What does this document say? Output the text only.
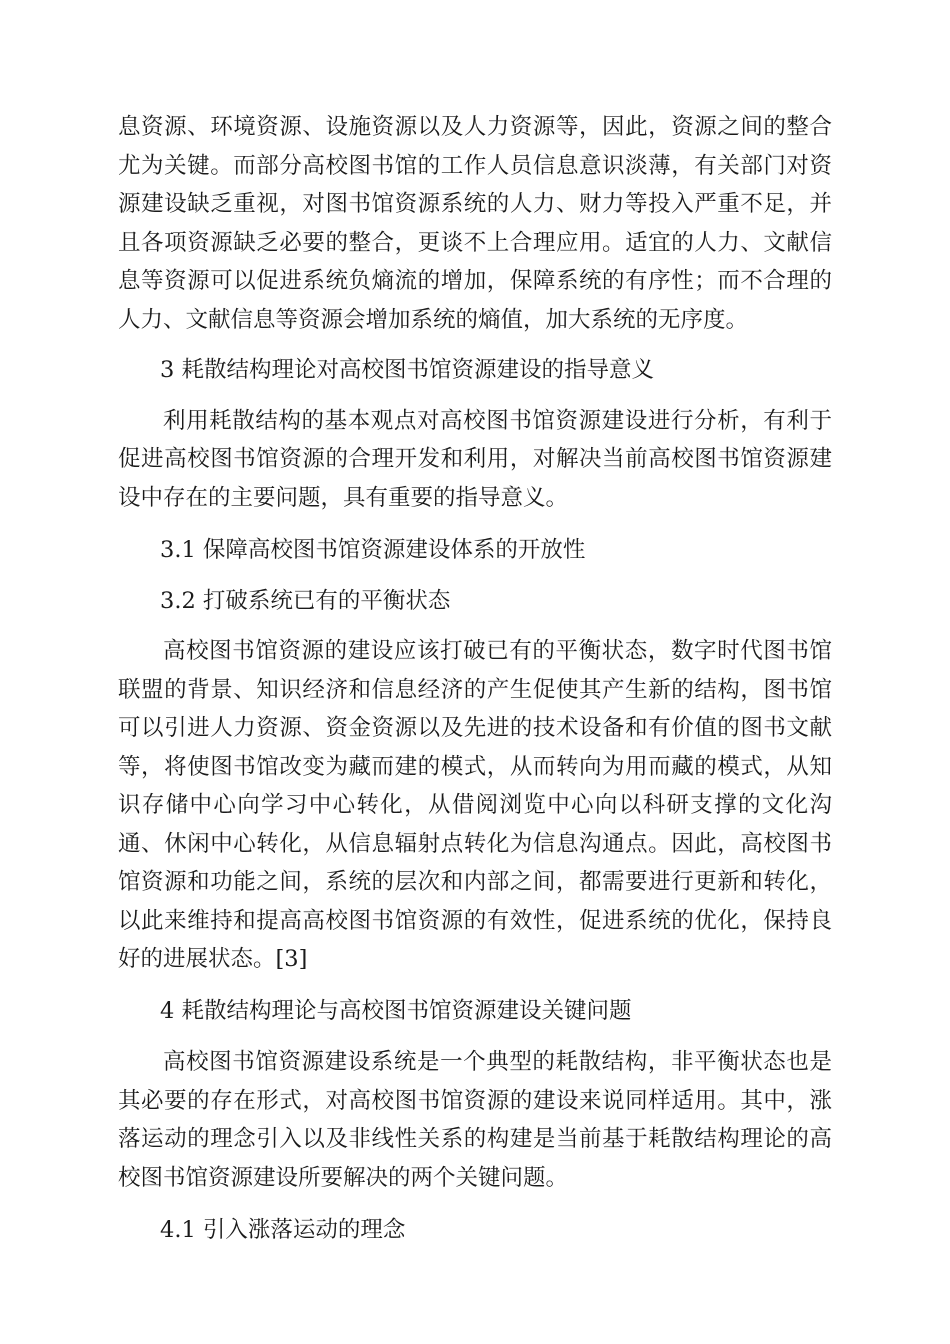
息资源、环境资源、设施资源以及人力资源等，因此，资源之间的整合尤为关键。而部分高校图书馆的工作人员信息意识淡薄，有关部门对资源建设缺乏重视，对图书馆资源系统的人力、财力等投入严重不足，并且各项资源缺乏必要的整合，更谈不上合理应用。适宜的人力、文献信息等资源可以促进系统负熵流的增加，保障系统的有序性；而不合理的人力、文献信息等资源会增加系统的熵值，加大系统的无序度。

3 耗散结构理论对高校图书馆资源建设的指导意义

利用耗散结构的基本观点对高校图书馆资源建设进行分析，有利于促进高校图书馆资源的合理开发和利用，对解决当前高校图书馆资源建设中存在的主要问题，具有重要的指导意义。

3.1 保障高校图书馆资源建设体系的开放性

3.2 打破系统已有的平衡状态

高校图书馆资源的建设应该打破已有的平衡状态，数字时代图书馆联盟的背景、知识经济和信息经济的产生促使其产生新的结构，图书馆可以引进人力资源、资金资源以及先进的技术设备和有价值的图书文献等，将使图书馆改变为藏而建的模式，从而转向为用而藏的模式，从知识存储中心向学习中心转化，从借阅浏览中心向以科研支撑的文化沟通、休闲中心转化，从信息辐射点转化为信息沟通点。因此，高校图书馆资源和功能之间，系统的层次和内部之间，都需要进行更新和转化，以此来维持和提高高校图书馆资源的有效性，促进系统的优化，保持良好的进展状态。[3]

4 耗散结构理论与高校图书馆资源建设关键问题

高校图书馆资源建设系统是一个典型的耗散结构，非平衡状态也是其必要的存在形式，对高校图书馆资源的建设来说同样适用。其中，涨落运动的理念引入以及非线性关系的构建是当前基于耗散结构理论的高校图书馆资源建设所要解决的两个关键问题。

4.1 引入涨落运动的理念
